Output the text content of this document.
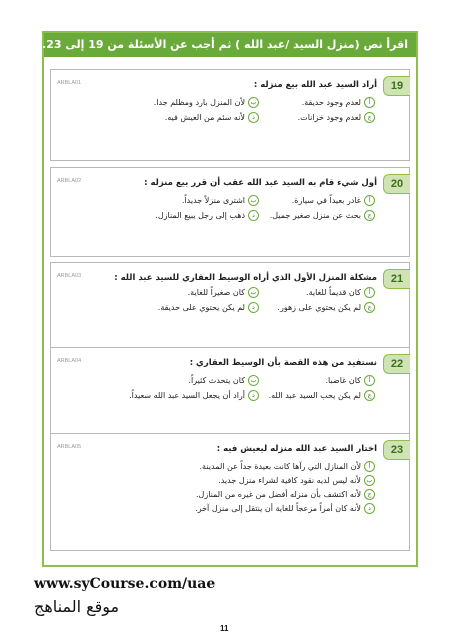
اقرأ نص (منزل السيد /عبد الله ) ثم أجب عن الأسئلة من 19 إلى 23.
19
ARBLA01	أراد السيد عبد الله بيع منزله :
ألعدم وجود حديقة.
بلأن المنزل بارد ومظلم جدا.
جلعدم وجود خزانات.
دلأنه سئم من العيش فيه.
20
ARBLA02	أول شيء قام به السيد عبد الله عقب أن قرر بيع منزله :
أغادر بعيداً في سيارة.
باشترى منزلاً جديداً.
جبحث عن منزل صغير جميل.
دذهب إلى رجل يبيع المنازل.
21
ARBLA03	مشكلة المنزل الأول الذي أراه الوسيط العقاري للسيد عبد الله :
أكان قديماً للغاية.
بكان صغيراً للغاية.
جلم يكن يحتوي على زهور.
دلم يكن يحتوي على حديقة.
22
ARBLA04	نستفيد من هذه القصة بأن الوسيط العقاري :
أكان غاضبا.
بكان يتحدث كثيراً.
جلم يكن يحب السيد عبد الله.
دأراد أن يجعل السيد عبد الله سعيداً.
23
ARBLA05	اختار السيد عبد الله منزله ليعيش فيه :
ألأن المنازل التي رآها كانت بعيدة جداً عن المدينة.
بلأنه ليس لديه نقود كافية لشراء منزل جديد.
جلأنه اكتشف بأن منزله أفضل من غيره من المنازل.
دلأنه كان أمراً مزعجاً للغاية أن ينتقل إلى منزل آخر.
www.syCourse.com/uae
موقع المناهج
11
